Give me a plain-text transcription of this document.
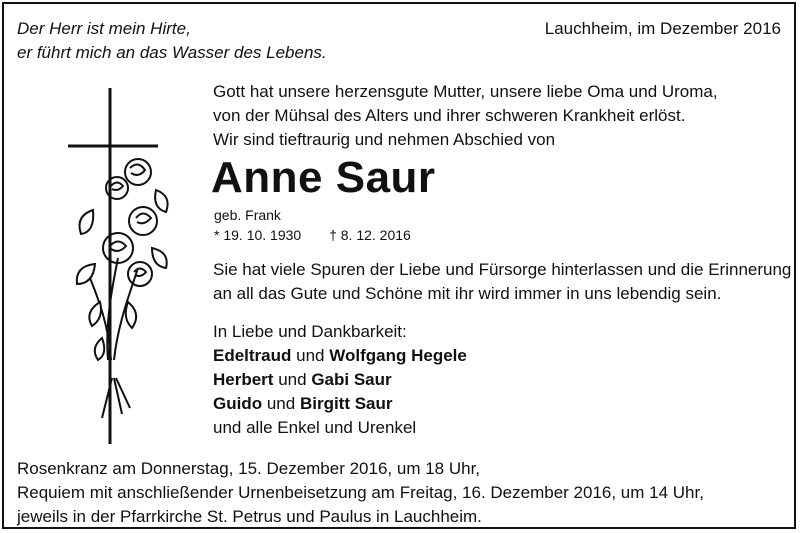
Der Herr ist mein Hirte,
er führt mich an das Wasser des Lebens.
Lauchheim, im Dezember 2016
Gott hat unsere herzensgute Mutter, unsere liebe Oma und Uroma,
von der Mühsal des Alters und ihrer schweren Krankheit erlöst.
Wir sind tieftraurig und nehmen Abschied von
Anne Saur
geb. Frank
* 19. 10. 1930 † 8. 12. 2016
Sie hat viele Spuren der Liebe und Fürsorge hinterlassen und die Erinnerung
an all das Gute und Schöne mit ihr wird immer in uns lebendig sein.
In Liebe und Dankbarkeit:
Edeltraud und Wolfgang Hegele
Herbert und Gabi Saur
Guido und Birgitt Saur
und alle Enkel und Urenkel
Rosenkranz am Donnerstag, 15. Dezember 2016, um 18 Uhr,
Requiem mit anschließender Urnenbeisetzung am Freitag, 16. Dezember 2016, um 14 Uhr,
jeweils in der Pfarrkirche St. Petrus und Paulus in Lauchheim.
